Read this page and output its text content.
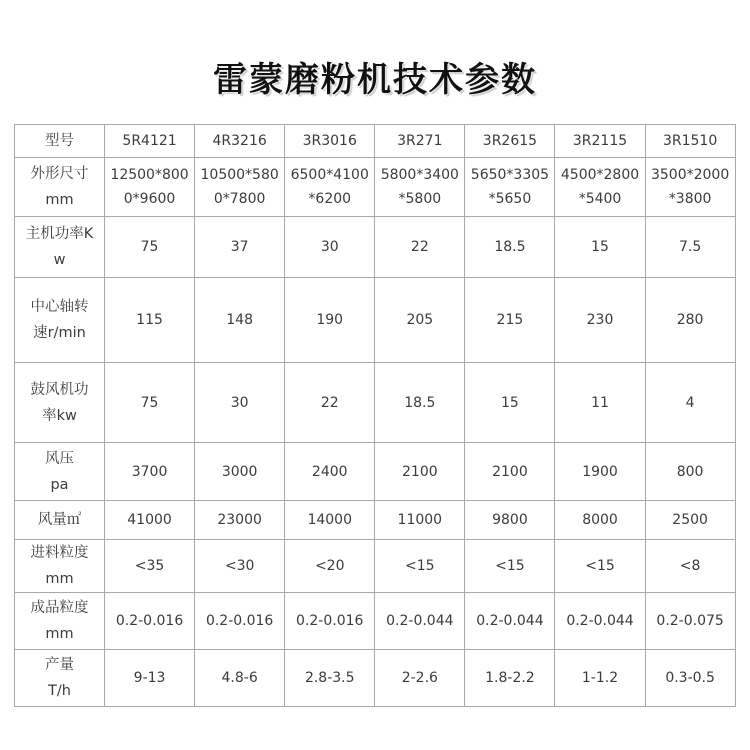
雷蒙磨粉机技术参数
型号	5R4121	4R3216	3R3016	3R271	3R2615	3R2115	3R1510

外形尺寸mm	12500*8000*9600	10500*5800*7800	6500*4100*6200	5800*3400*5800	5650*3305*5650	4500*2800*5400	3500*2000*3800

主机功率Kw	75	37	30	22	18.5	15	7.5

中心轴转速r/min	115	148	190	205	215	230	280

鼓风机功率kw	75	30	22	18.5	15	11	4

风压pa	3700	3000	2400	2100	2100	1900	800
风量㎡	41000	23000	14000	11000	9800	8000	2500

进料粒度mm	<35	<30	<20	<15	<15	<15	<8

成品粒度mm	0.2-0.016	0.2-0.016	0.2-0.016	0.2-0.044	0.2-0.044	0.2-0.044	0.2-0.075

产量T/h	9-13	4.8-6	2.8-3.5	2-2.6	1.8-2.2	1-1.2	0.3-0.5
